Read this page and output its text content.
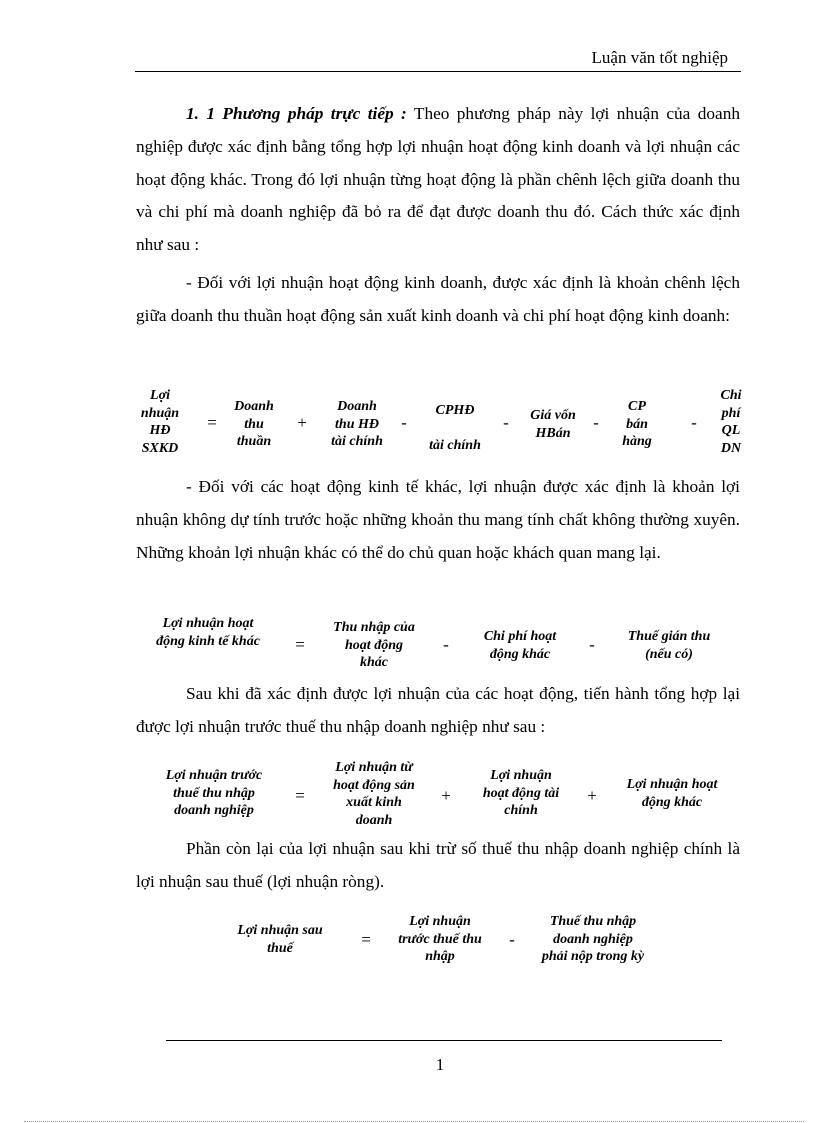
Luận văn tốt nghiệp

1. 1 Phương pháp trực tiếp : Theo phương pháp này lợi nhuận của doanh nghiệp được xác định bằng tổng hợp lợi nhuận hoạt động kinh doanh và lợi nhuận các hoạt động khác. Trong đó lợi nhuận từng hoạt động là phần chênh lệch giữa doanh thu và chi phí mà doanh nghiệp đã bỏ ra để đạt được doanh thu đó. Cách thức xác định như sau :

- Đối với lợi nhuận hoạt động kinh doanh, được xác định là khoản chênh lệch giữa doanh thu thuần hoạt động sản xuất kinh doanh và chi phí hoạt động kinh doanh:

Lợi
nhuận
HĐ
SXKD
=
Doanh
thu
thuần
+
Doanh
thu HĐ
tài chính
-
CPHĐ

tài chính
-	Giá vốn
HBán
-
CP
bán
hàng
-
Chi
phí
QL
DN

- Đối với các hoạt động kinh tế khác, lợi nhuận được xác định là khoản lợi nhuận không dự tính trước hoặc những khoản thu mang tính chất không thường xuyên. Những khoản lợi nhuận khác có thể do chủ quan hoặc khách quan mang lại.

Lợi nhuận hoạt
động kinh tế khác	=
Thu nhập của
hoạt động
khác
-	Chi phí hoạt
động khác	-	Thuế gián thu
(nếu có)

Sau khi đã xác định được lợi nhuận của các hoạt động, tiến hành tổng hợp lại được lợi nhuận trước thuế thu nhập doanh nghiệp như sau :

Lợi nhuận trước
thuế thu nhập
doanh nghiệp
=
Lợi nhuận từ
hoạt động sản
xuất kinh
doanh
+
Lợi nhuận
hoạt động tài
chính
+
Lợi nhuận hoạt
động khác

Phần còn lại của lợi nhuận sau khi trừ số thuế thu nhập doanh nghiệp chính là lợi nhuận sau thuế (lợi nhuận ròng).

Lợi nhuận sau
thuế	=
Lợi nhuận
trước thuế thu
nhập
-
Thuế thu nhập
doanh nghiệp
phải nộp trong kỳ
1
